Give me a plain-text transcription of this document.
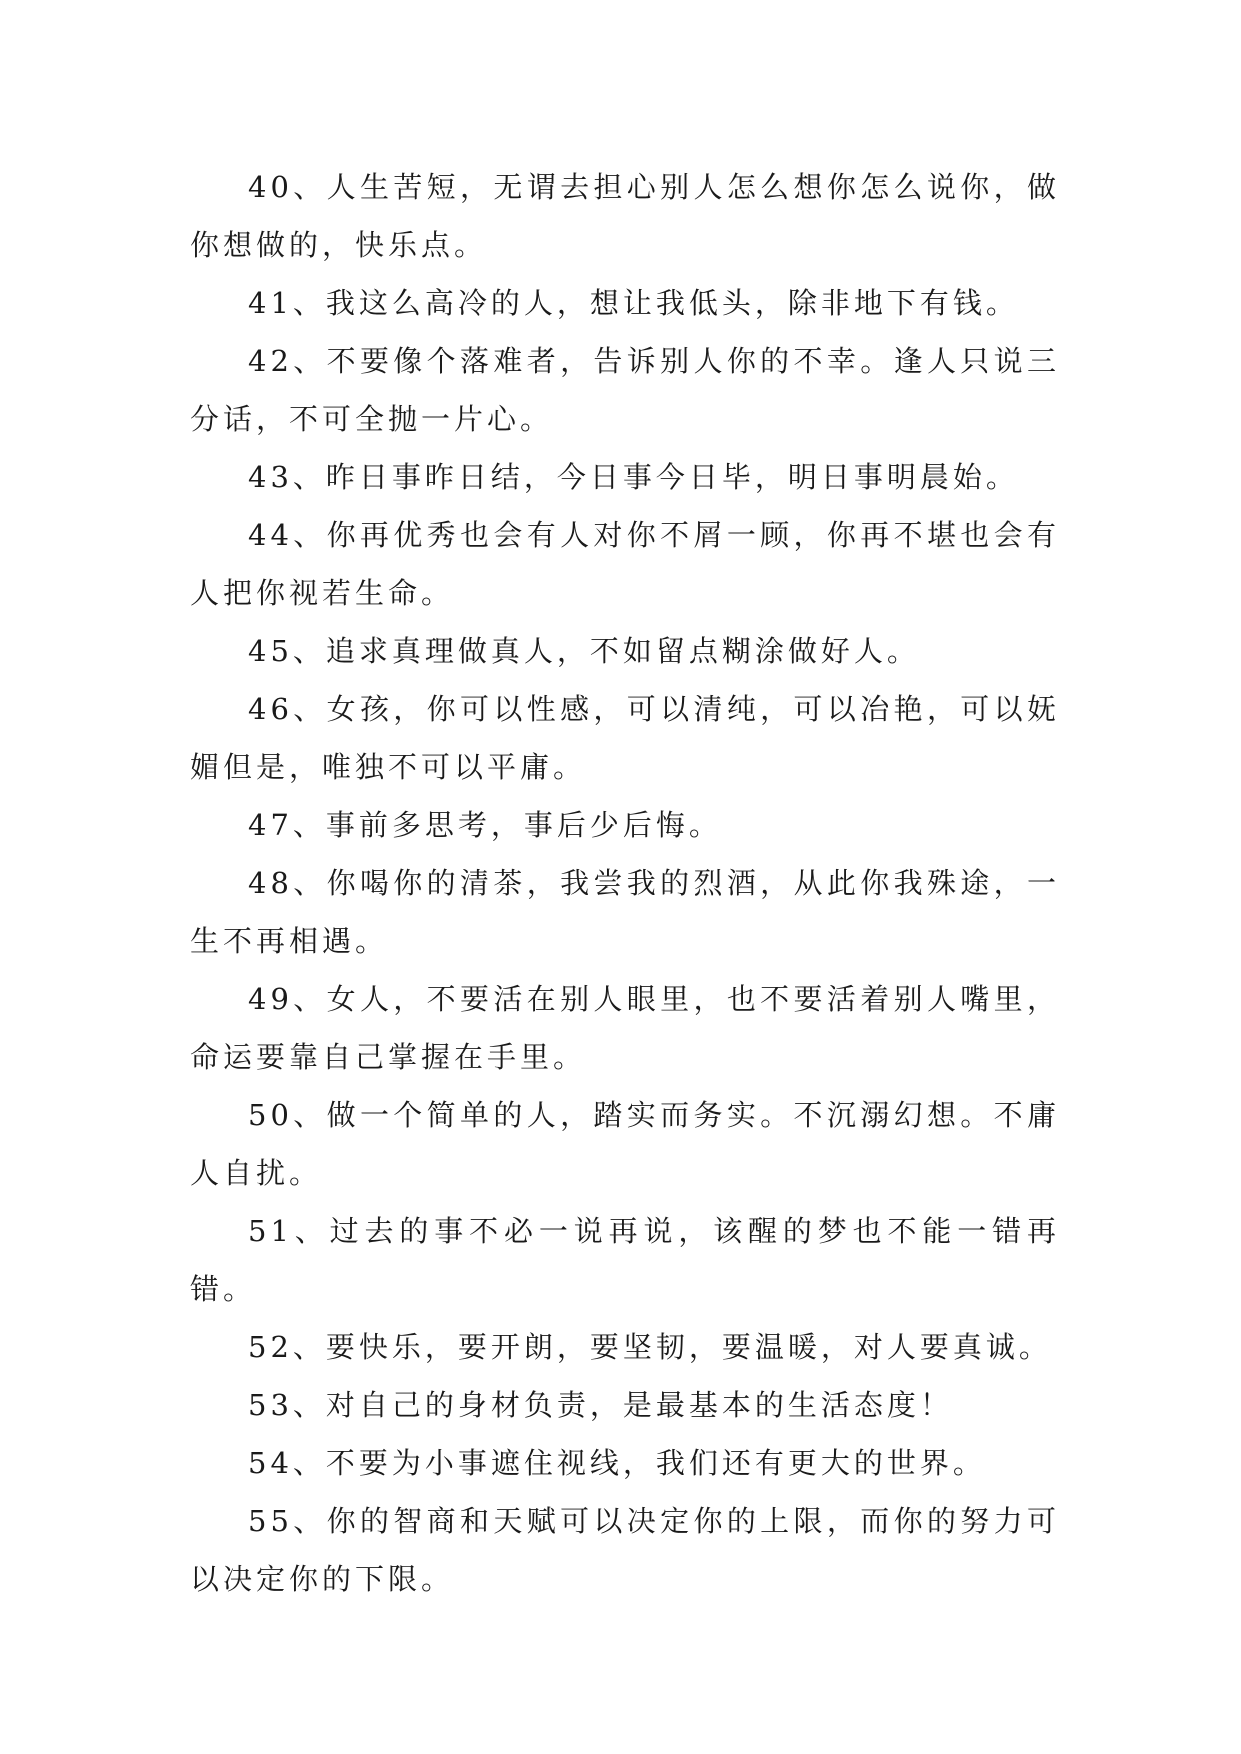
40、人生苦短，无谓去担心别人怎么想你怎么说你，做你想做的，快乐点。

41、我这么高冷的人，想让我低头，除非地下有钱。

42、不要像个落难者，告诉别人你的不幸。逢人只说三分话，不可全抛一片心。

43、昨日事昨日结，今日事今日毕，明日事明晨始。

44、你再优秀也会有人对你不屑一顾，你再不堪也会有人把你视若生命。

45、追求真理做真人，不如留点糊涂做好人。

46、女孩，你可以性感，可以清纯，可以冶艳，可以妩媚但是，唯独不可以平庸。

47、事前多思考，事后少后悔。

48、你喝你的清茶，我尝我的烈酒，从此你我殊途，一生不再相遇。

49、女人，不要活在别人眼里，也不要活着别人嘴里，命运要靠自己掌握在手里。

50、做一个简单的人，踏实而务实。不沉溺幻想。不庸人自扰。

51、过去的事不必一说再说，该醒的梦也不能一错再错。

52、要快乐，要开朗，要坚韧，要温暖，对人要真诚。

53、对自己的身材负责，是最基本的生活态度！

54、不要为小事遮住视线，我们还有更大的世界。

55、你的智商和天赋可以决定你的上限，而你的努力可以决定你的下限。
